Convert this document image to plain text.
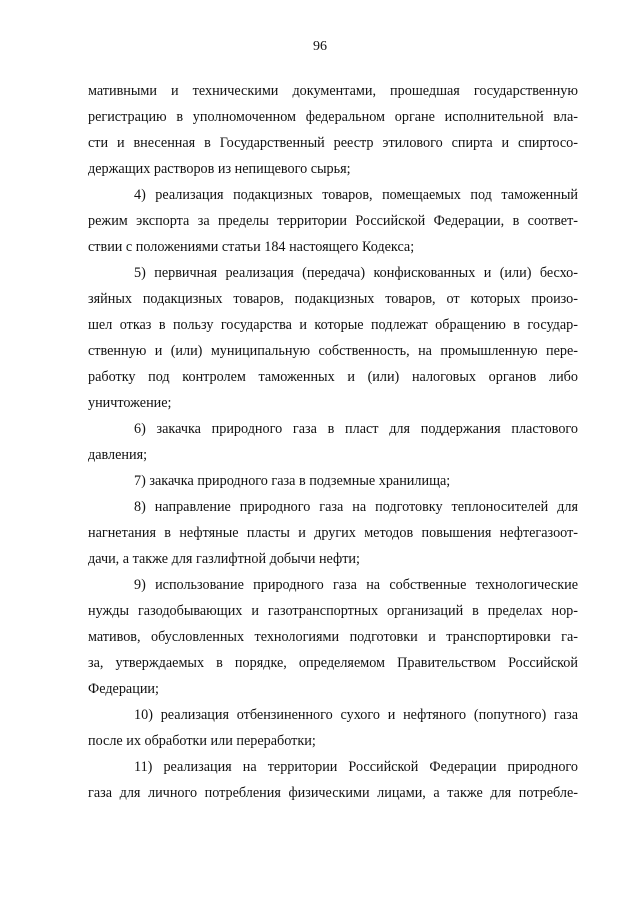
96

мативными и техническими документами, прошедшая государственную
регистрацию в уполномоченном федеральном органе исполнительной вла-
сти и внесенная в Государственный реестр этилового спирта и спиртосо-
держащих растворов из непищевого сырья;

4) реализация подакцизных товаров, помещаемых под таможенный
режим экспорта за пределы территории Российской Федерации, в соответ-
ствии с положениями статьи 184 настоящего Кодекса;

5) первичная реализация (передача) конфискованных и (или) бесхо-
зяйных подакцизных товаров, подакцизных товаров, от которых произо-
шел отказ в пользу государства и которые подлежат обращению в государ-
ственную и (или) муниципальную собственность, на промышленную пере-
работку под контролем таможенных и (или) налоговых органов либо
уничтожение;

6) закачка природного газа в пласт для поддержания пластового
давления;

7) закачка природного газа в подземные хранилища;

8) направление природного газа на подготовку теплоносителей для
нагнетания в нефтяные пласты и других методов повышения нефтегазоот-
дачи, а также для газлифтной добычи нефти;

9) использование природного газа на собственные технологические
нужды газодобывающих и газотранспортных организаций в пределах нор-
мативов, обусловленных технологиями подготовки и транспортировки га-
за, утверждаемых в порядке, определяемом Правительством Российской
Федерации;

10) реализация отбензиненного сухого и нефтяного (попутного) газа
после их обработки или переработки;

11) реализация на территории Российской Федерации природного
газа для личного потребления физическими лицами, а также для потребле-
